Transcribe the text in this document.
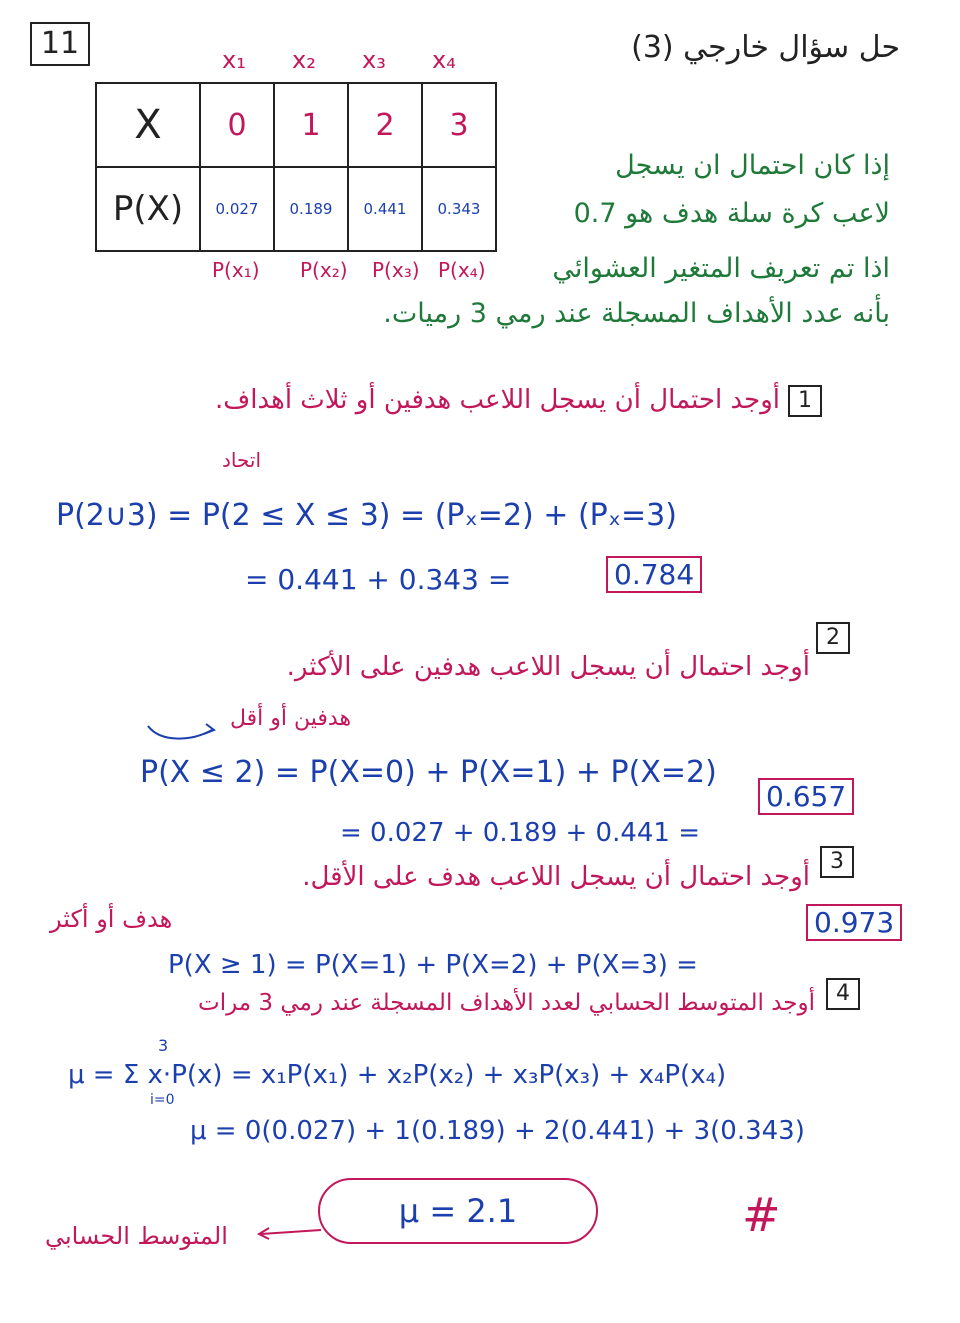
11	حل سؤال خارجي (3)
x₁ x₂ x₃ x₄
X	0	1	2	3
P(X)	0.027	0.189	0.441	0.343
P(x₁) P(x₂) P(x₃) P(x₄)
إذا كان احتمال ان يسجل
لاعب كرة سلة هدف هو 0.7
اذا تم تعريف المتغير العشوائي
بأنه عدد الأهداف المسجلة عند رمي 3 رميات.
1
أوجد احتمال أن يسجل اللاعب هدفين أو ثلاث أهداف.
اتحاد
P(2∪3) = P(2 ≤ X ≤ 3) = (Pₓ=2) + (Pₓ=3)
= 0.441 + 0.343 =	0.784
2
أوجد احتمال أن يسجل اللاعب هدفين على الأكثر.
هدفين أو أقل
P(X ≤ 2) = P(X=0) + P(X=1) + P(X=2)
= 0.027 + 0.189 + 0.441 =
0.657
3
أوجد احتمال أن يسجل اللاعب هدف على الأقل.
هدف أو أكثر
P(X ≥ 1) = P(X=1) + P(X=2) + P(X=3) =
0.973
4
أوجد المتوسط الحسابي لعدد الأهداف المسجلة عند رمي 3 مرات
3
i=0
μ = Σ x·P(x) = x₁P(x₁) + x₂P(x₂) + x₃P(x₃) + x₄P(x₄)
μ = 0(0.027) + 1(0.189) + 2(0.441) + 3(0.343)
μ = 2.1
المتوسط الحسابي	#
